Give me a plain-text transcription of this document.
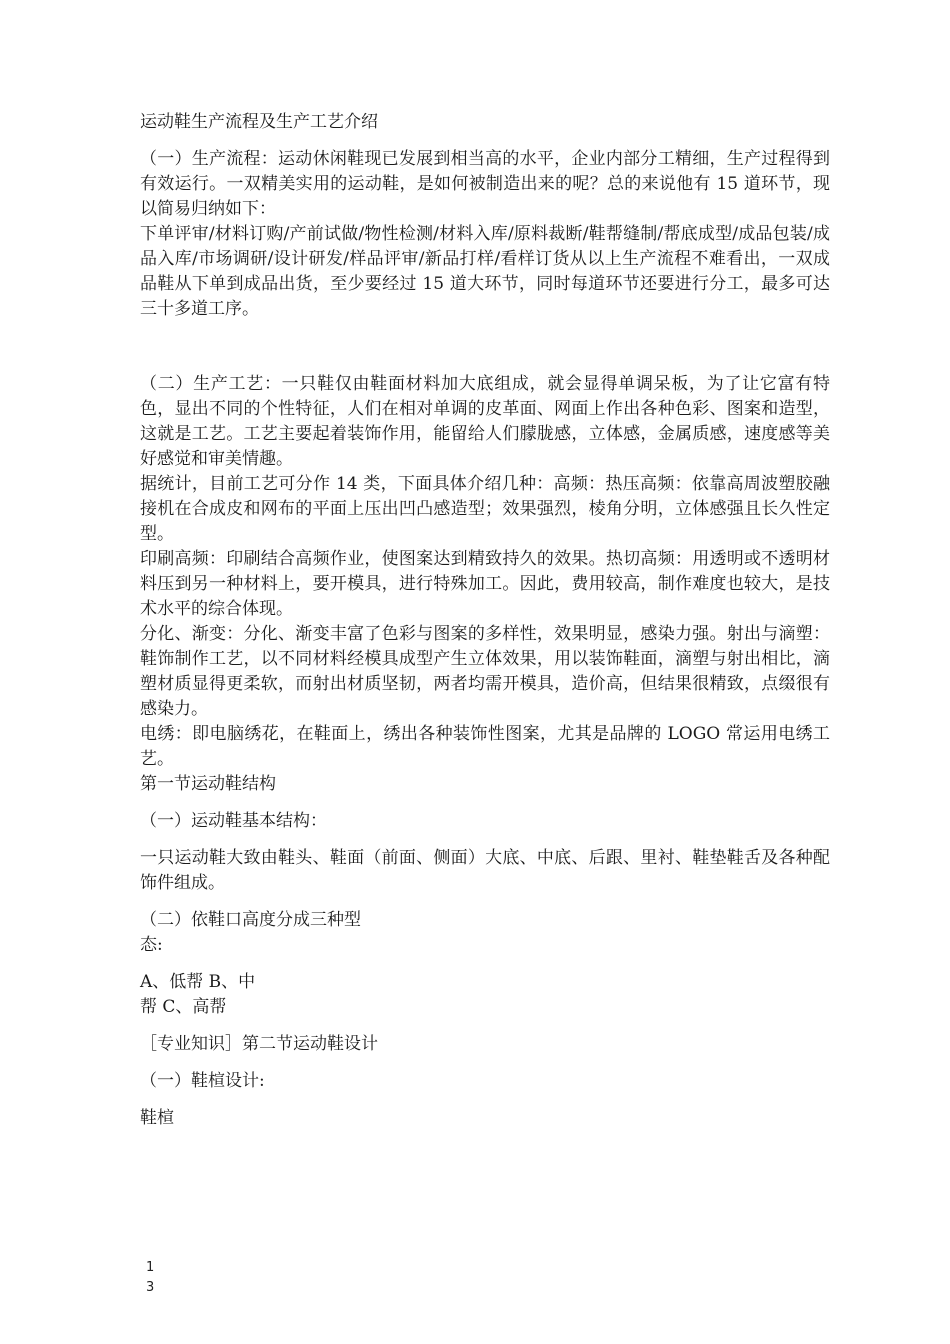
运动鞋生产流程及生产工艺介绍

（一）生产流程：运动休闲鞋现已发展到相当高的水平，企业内部分工精细，生产过程得到有效运行。一双精美实用的运动鞋，是如何被制造出来的呢？总的来说他有 15 道环节，现以简易归纳如下：

下单评审/材料订购/产前试做/物性检测/材料入库/原料裁断/鞋帮缝制/帮底成型/成品包装/成品入库/市场调研/设计研发/样品评审/新品打样/看样订货从以上生产流程不难看出，一双成品鞋从下单到成品出货，至少要经过 15 道大环节，同时每道环节还要进行分工，最多可达三十多道工序。

（二）生产工艺：一只鞋仅由鞋面材料加大底组成，就会显得单调呆板，为了让它富有特色，显出不同的个性特征，人们在相对单调的皮革面、网面上作出各种色彩、图案和造型，这就是工艺。工艺主要起着装饰作用，能留给人们朦胧感，立体感，金属质感，速度感等美好感觉和审美情趣。

据统计，目前工艺可分作 14 类，下面具体介绍几种：高频：热压高频：依靠高周波塑胶融接机在合成皮和网布的平面上压出凹凸感造型；效果强烈，棱角分明，立体感强且长久性定型。

印刷高频：印刷结合高频作业，使图案达到精致持久的效果。热切高频：用透明或不透明材料压到另一种材料上，要开模具，进行特殊加工。因此，费用较高，制作难度也较大，是技术水平的综合体现。

分化、渐变：分化、渐变丰富了色彩与图案的多样性，效果明显，感染力强。射出与滴塑：鞋饰制作工艺，以不同材料经模具成型产生立体效果，用以装饰鞋面，滴塑与射出相比，滴塑材质显得更柔软，而射出材质坚韧，两者均需开模具，造价高，但结果很精致，点缀很有感染力。

电绣：即电脑绣花，在鞋面上，绣出各种装饰性图案，尤其是品牌的 LOGO 常运用电绣工艺。

第一节运动鞋结构

（一）运动鞋基本结构：

一只运动鞋大致由鞋头、鞋面（前面、侧面）大底、中底、后跟、里衬、鞋垫鞋舌及各种配饰件组成。

（二）依鞋口高度分成三种型

态:

A、低帮 B、中

帮 C、高帮

［专业知识］第二节运动鞋设计

（一）鞋楦设计:

鞋楦

1
3
